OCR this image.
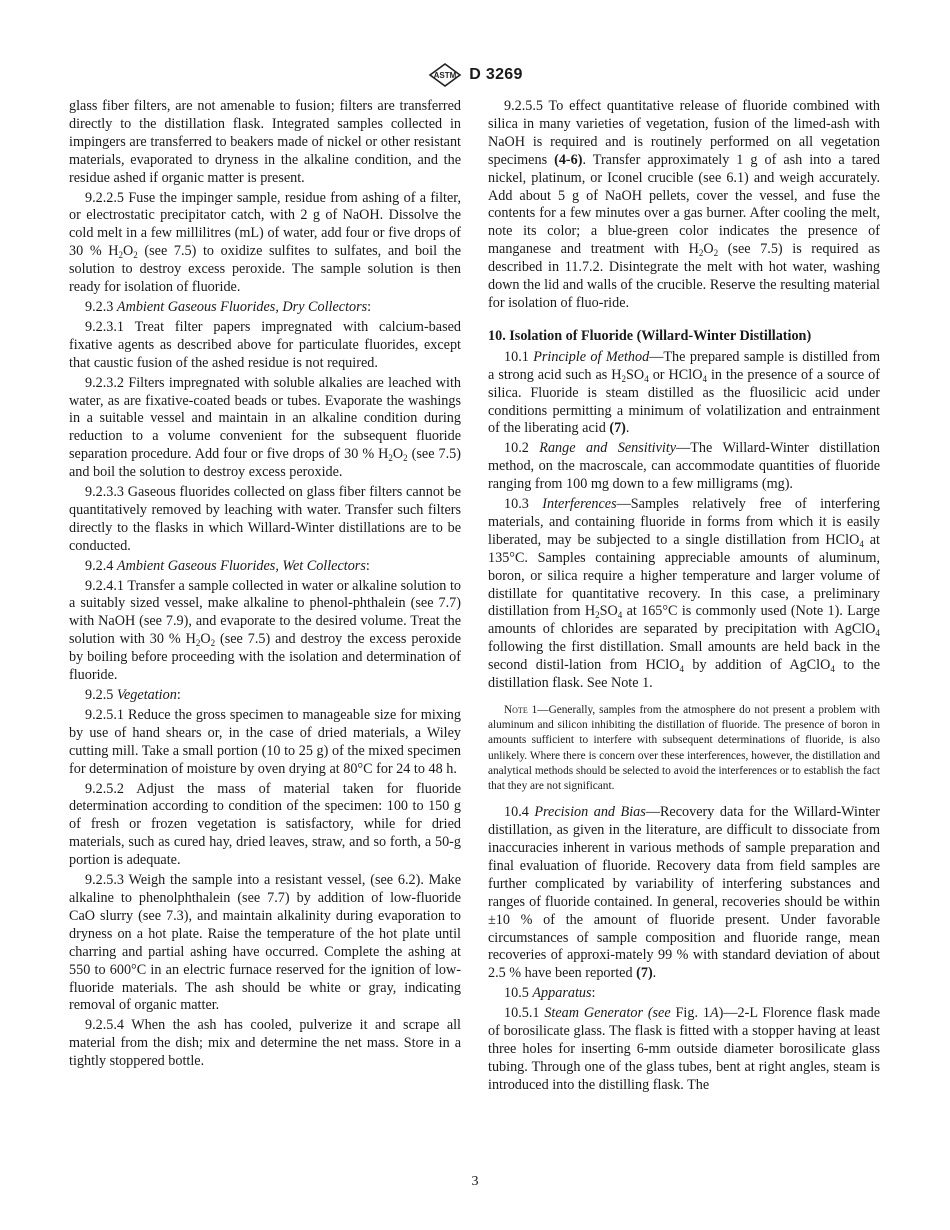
ASTM D 3269

glass fiber filters, are not amenable to fusion; filters are transferred directly to the distillation flask. Integrated samples collected in impingers are transferred to beakers made of nickel or other resistant materials, evaporated to dryness in the alkaline condition, and the residue ashed if organic matter is present.

9.2.2.5 Fuse the impinger sample, residue from ashing of a filter, or electrostatic precipitator catch, with 2 g of NaOH. Dissolve the cold melt in a few millilitres (mL) of water, add four or five drops of 30 % $H_2O_2$ (see 7.5) to oxidize sulfites to sulfates, and boil the solution to destroy excess peroxide. The sample solution is then ready for isolation of fluoride.

9.2.3 Ambient Gaseous Fluorides, Dry Collectors:

9.2.3.1 Treat filter papers impregnated with calcium-based fixative agents as described above for particulate fluorides, except that caustic fusion of the ashed residue is not required.

9.2.3.2 Filters impregnated with soluble alkalies are leached with water, as are fixative-coated beads or tubes. Evaporate the washings in a suitable vessel and maintain in an alkaline condition during reduction to a volume convenient for the subsequent fluoride separation procedure. Add four or five drops of 30 % $H_2O_2$ (see 7.5) and boil the solution to destroy excess peroxide.

9.2.3.3 Gaseous fluorides collected on glass fiber filters cannot be quantitatively removed by leaching with water. Transfer such filters directly to the flasks in which Willard-Winter distillations are to be conducted.

9.2.4 Ambient Gaseous Fluorides, Wet Collectors:

9.2.4.1 Transfer a sample collected in water or alkaline solution to a suitably sized vessel, make alkaline to phenol-phthalein (see 7.7) with NaOH (see 7.9), and evaporate to the desired volume. Treat the solution with 30 % $H_2O_2$ (see 7.5) and destroy the excess peroxide by boiling before proceeding with the isolation and determination of fluoride.

9.2.5 Vegetation:

9.2.5.1 Reduce the gross specimen to manageable size for mixing by use of hand shears or, in the case of dried materials, a Wiley cutting mill. Take a small portion (10 to 25 g) of the mixed specimen for determination of moisture by oven drying at 80°C for 24 to 48 h.

9.2.5.2 Adjust the mass of material taken for fluoride determination according to condition of the specimen: 100 to 150 g of fresh or frozen vegetation is satisfactory, while for dried materials, such as cured hay, dried leaves, straw, and so forth, a 50-g portion is adequate.

9.2.5.3 Weigh the sample into a resistant vessel, (see 6.2). Make alkaline to phenolphthalein (see 7.7) by addition of low-fluoride CaO slurry (see 7.3), and maintain alkalinity during evaporation to dryness on a hot plate. Raise the temperature of the hot plate until charring and partial ashing have occurred. Complete the ashing at 550 to 600°C in an electric furnace reserved for the ignition of low-fluoride materials. The ash should be white or gray, indicating removal of organic matter.

9.2.5.4 When the ash has cooled, pulverize it and scrape all material from the dish; mix and determine the net mass. Store in a tightly stoppered bottle.

9.2.5.5 To effect quantitative release of fluoride combined with silica in many varieties of vegetation, fusion of the limed-ash with NaOH is required and is routinely performed on all vegetation specimens (4-6). Transfer approximately 1 g of ash into a tared nickel, platinum, or Iconel crucible (see 6.1) and weigh accurately. Add about 5 g of NaOH pellets, cover the vessel, and fuse the contents for a few minutes over a gas burner. After cooling the melt, note its color; a blue-green color indicates the presence of manganese and treatment with $H_2O_2$ (see 7.5) is required as described in 11.7.2. Disintegrate the melt with hot water, washing down the lid and walls of the crucible. Reserve the resulting material for isolation of fluo-ride.

10. Isolation of Fluoride (Willard-Winter Distillation)

10.1 Principle of Method—The prepared sample is distilled from a strong acid such as $H_2SO_4$ or HClO$_4$ in the presence of a source of silica. Fluoride is steam distilled as the fluosilicic acid under conditions permitting a minimum of volatilization and entrainment of the liberating acid (7).

10.2 Range and Sensitivity—The Willard-Winter distillation method, on the macroscale, can accommodate quantities of fluoride ranging from 100 mg down to a few milligrams (mg).

10.3 Interferences—Samples relatively free of interfering materials, and containing fluoride in forms from which it is easily liberated, may be subjected to a single distillation from HClO$_4$ at 135°C. Samples containing appreciable amounts of aluminum, boron, or silica require a higher temperature and larger volume of distillate for quantitative recovery. In this case, a preliminary distillation from $H_2SO_4$ at 165°C is commonly used (Note 1). Large amounts of chlorides are separated by precipitation with AgClO$_4$ following the first distillation. Small amounts are held back in the second distil-lation from HClO$_4$ by addition of AgClO$_4$ to the distillation flask. See Note 1.

Note 1—Generally, samples from the atmosphere do not present a problem with aluminum and silicon inhibiting the distillation of fluoride. The presence of boron in amounts sufficient to interfere with subsequent determinations of fluoride, is also unlikely. Where there is concern over these interferences, however, the distillation and analytical methods should be selected to avoid the interferences or to establish the fact that they are not significant.

10.4 Precision and Bias—Recovery data for the Willard-Winter distillation, as given in the literature, are difficult to dissociate from inaccuracies inherent in various methods of sample preparation and final evaluation of fluoride. Recovery data from field samples are further complicated by variability of interfering substances and ranges of fluoride contained. In general, recoveries should be within ±10 % of the amount of fluoride present. Under favorable circumstances of sample composition and fluoride range, mean recoveries of approxi-mately 99 % with standard deviation of about 2.5 % have been reported (7).

10.5 Apparatus:

10.5.1 Steam Generator (see Fig. 1A)—2-L Florence flask made of borosilicate glass. The flask is fitted with a stopper having at least three holes for inserting 6-mm outside diameter borosilicate glass tubing. Through one of the glass tubes, bent at right angles, steam is introduced into the distilling flask. The

3
